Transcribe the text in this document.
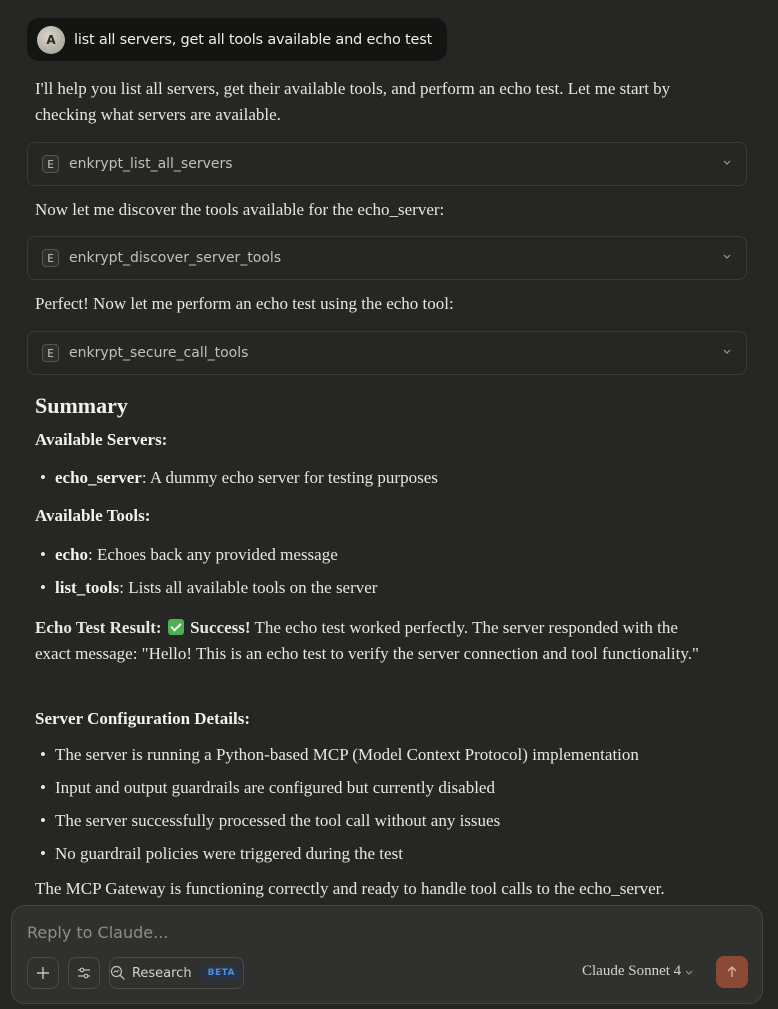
A	list all servers, get all tools available and echo test

I'll help you list all servers, get their available tools, and perform an echo test. Let me start by checking what servers are available.

E	enkrypt_list_all_servers

Now let me discover the tools available for the echo_server:

E	enkrypt_discover_server_tools

Perfect! Now let me perform an echo test using the echo tool:

E	enkrypt_secure_call_tools
Summary
Available Servers:
• echo_server: A dummy echo server for testing purposes
Available Tools:
• echo: Echoes back any provided message
• list_tools: Lists all available tools on the server

Echo Test Result: Success! The echo test worked perfectly. The server responded with the exact message: "Hello! This is an echo test to verify the server connection and tool functionality."

Server Configuration Details:
• The server is running a Python-based MCP (Model Context Protocol) implementation
• Input and output guardrails are configured but currently disabled
• The server successfully processed the tool call without any issues
• No guardrail policies were triggered during the test

The MCP Gateway is functioning correctly and ready to handle tool calls to the echo_server.

Reply to Claude...
Research	BETA	Claude Sonnet 4
